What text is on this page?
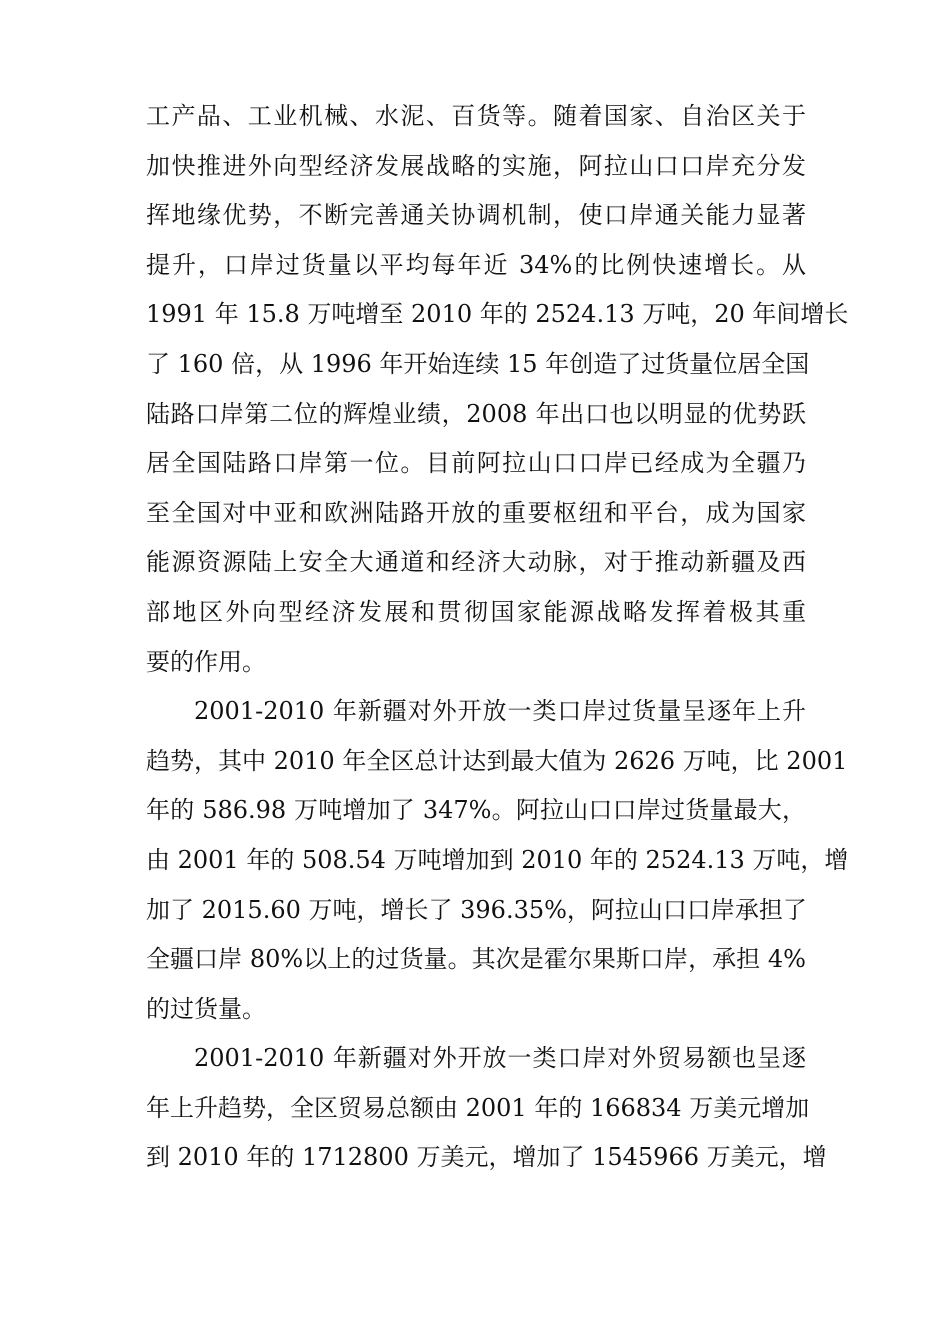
工产品、工业机械、水泥、百货等。随着国家、自治区关于
加快推进外向型经济发展战略的实施，阿拉山口口岸充分发
挥地缘优势，不断完善通关协调机制，使口岸通关能力显著
提升，口岸过货量以平均每年近 34%的比例快速增长。从
1991 年 15.8 万吨增至 2010 年的 2524.13 万吨，20 年间增长
了 160 倍，从 1996 年开始连续 15 年创造了过货量位居全国
陆路口岸第二位的辉煌业绩，2008 年出口也以明显的优势跃
居全国陆路口岸第一位。目前阿拉山口口岸已经成为全疆乃
至全国对中亚和欧洲陆路开放的重要枢纽和平台，成为国家
能源资源陆上安全大通道和经济大动脉，对于推动新疆及西
部地区外向型经济发展和贯彻国家能源战略发挥着极其重
要的作用。
2001-2010 年新疆对外开放一类口岸过货量呈逐年上升
趋势，其中 2010 年全区总计达到最大值为 2626 万吨，比 2001
年的 586.98 万吨增加了 347%。阿拉山口口岸过货量最大，
由 2001 年的 508.54 万吨增加到 2010 年的 2524.13 万吨，增
加了 2015.60 万吨，增长了 396.35%，阿拉山口口岸承担了
全疆口岸 80%以上的过货量。其次是霍尔果斯口岸，承担 4%
的过货量。
2001-2010 年新疆对外开放一类口岸对外贸易额也呈逐
年上升趋势，全区贸易总额由 2001 年的 166834 万美元增加
到 2010 年的 1712800 万美元，增加了 1545966 万美元，增
